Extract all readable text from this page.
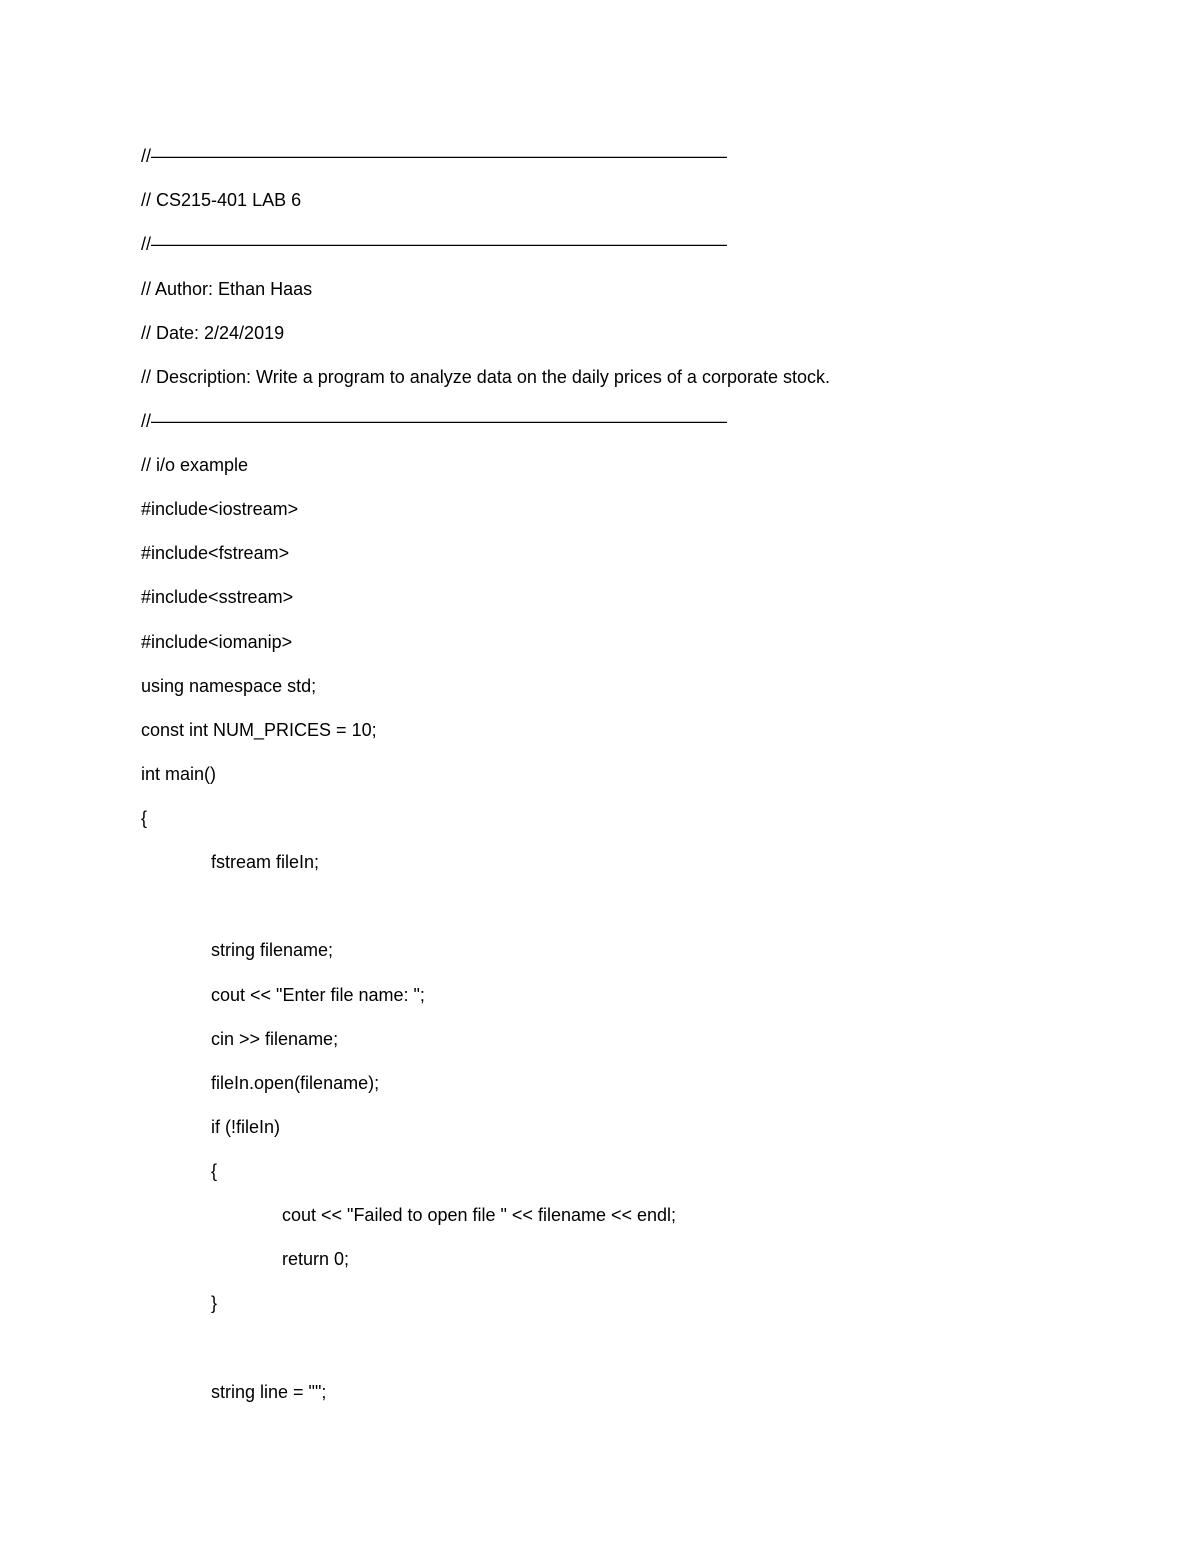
//————————————————————————————————
// CS215-401 LAB 6
//————————————————————————————————
// Author: Ethan Haas
// Date: 2/24/2019
// Description: Write a program to analyze data on the daily prices of a corporate stock.
//————————————————————————————————
// i/o example
#include<iostream>
#include<fstream>
#include<sstream>
#include<iomanip>
using namespace std;
const int NUM_PRICES = 10;
int main()
{
fstream fileIn;
string filename;
cout << "Enter file name: ";
cin >> filename;
fileIn.open(filename);
if (!fileIn)
{
cout << "Failed to open file " << filename << endl;
return 0;
}
string line = "";
